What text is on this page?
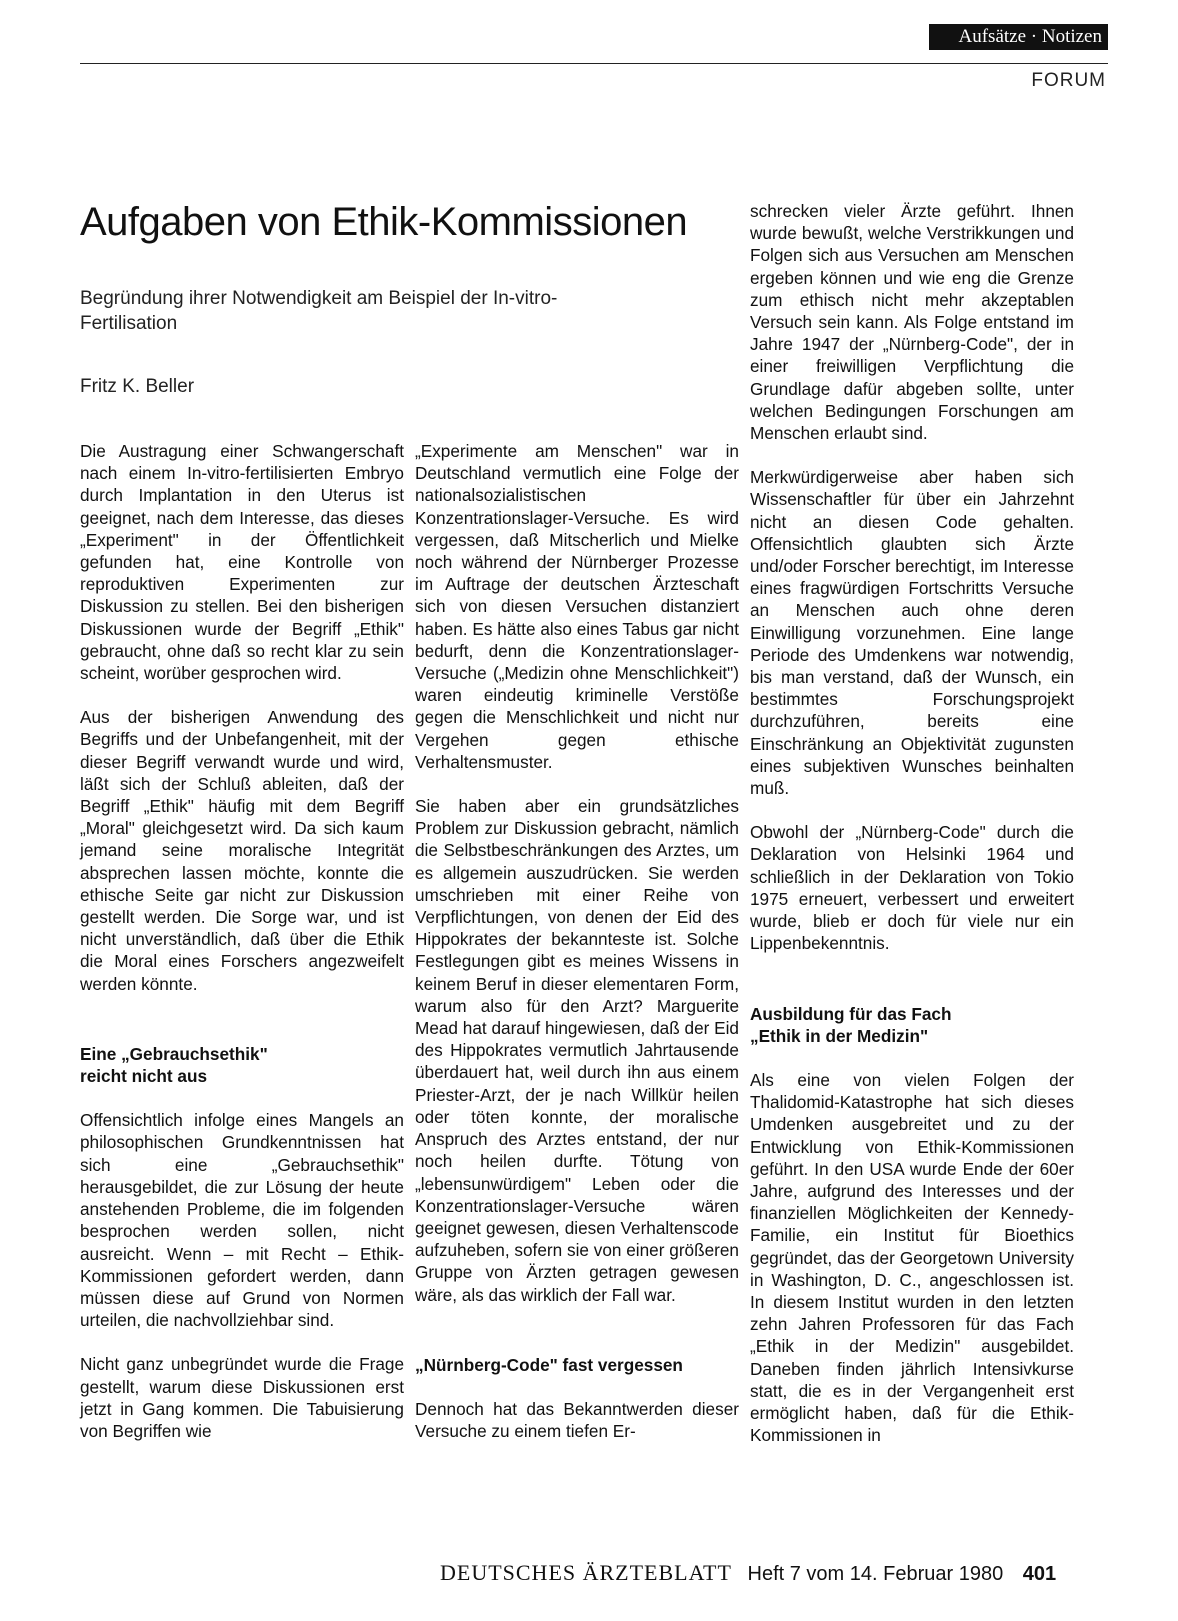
Aufsätze · Notizen
FORUM
Aufgaben von Ethik-Kommissionen
Begründung ihrer Notwendigkeit am Beispiel der In-vitro-Fertilisation
Fritz K. Beller

Die Austragung einer Schwangerschaft nach einem In-vitro-fertilisierten Embryo durch Implantation in den Uterus ist geeignet, nach dem Interesse, das dieses „Experiment" in der Öffentlichkeit gefunden hat, eine Kontrolle von reproduktiven Experimenten zur Diskussion zu stellen. Bei den bisherigen Diskussionen wurde der Begriff „Ethik" gebraucht, ohne daß so recht klar zu sein scheint, worüber gesprochen wird.

Aus der bisherigen Anwendung des Begriffs und der Unbefangenheit, mit der dieser Begriff verwandt wurde und wird, läßt sich der Schluß ableiten, daß der Begriff „Ethik" häufig mit dem Begriff „Moral" gleichgesetzt wird. Da sich kaum jemand seine moralische Integrität absprechen lassen möchte, konnte die ethische Seite gar nicht zur Diskussion gestellt werden. Die Sorge war, und ist nicht unverständlich, daß über die Ethik die Moral eines Forschers angezweifelt werden könnte.

Eine „Gebrauchsethik" reicht nicht aus

Offensichtlich infolge eines Mangels an philosophischen Grundkenntnissen hat sich eine „Gebrauchsethik" herausgebildet, die zur Lösung der heute anstehenden Probleme, die im folgenden besprochen werden sollen, nicht ausreicht. Wenn – mit Recht – Ethik-Kommissionen gefordert werden, dann müssen diese auf Grund von Normen urteilen, die nachvollziehbar sind.

Nicht ganz unbegründet wurde die Frage gestellt, warum diese Diskussionen erst jetzt in Gang kommen. Die Tabuisierung von Begriffen wie

„Experimente am Menschen" war in Deutschland vermutlich eine Folge der nationalsozialistischen Konzentrationslager-Versuche. Es wird vergessen, daß Mitscherlich und Mielke noch während der Nürnberger Prozesse im Auftrage der deutschen Ärzteschaft sich von diesen Versuchen distanziert haben. Es hätte also eines Tabus gar nicht bedurft, denn die Konzentrationslager-Versuche („Medizin ohne Menschlichkeit") waren eindeutig kriminelle Verstöße gegen die Menschlichkeit und nicht nur Vergehen gegen ethische Verhaltensmuster.

Sie haben aber ein grundsätzliches Problem zur Diskussion gebracht, nämlich die Selbstbeschränkungen des Arztes, um es allgemein auszudrücken. Sie werden umschrieben mit einer Reihe von Verpflichtungen, von denen der Eid des Hippokrates der bekannteste ist. Solche Festlegungen gibt es meines Wissens in keinem Beruf in dieser elementaren Form, warum also für den Arzt? Marguerite Mead hat darauf hingewiesen, daß der Eid des Hippokrates vermutlich Jahrtausende überdauert hat, weil durch ihn aus einem Priester-Arzt, der je nach Willkür heilen oder töten konnte, der moralische Anspruch des Arztes entstand, der nur noch heilen durfte. Tötung von „lebensunwürdigem" Leben oder die Konzentrationslager-Versuche wären geeignet gewesen, diesen Verhaltenscode aufzuheben, sofern sie von einer größeren Gruppe von Ärzten getragen gewesen wäre, als das wirklich der Fall war.

„Nürnberg-Code" fast vergessen

Dennoch hat das Bekanntwerden dieser Versuche zu einem tiefen Er-

schrecken vieler Ärzte geführt. Ihnen wurde bewußt, welche Verstrikkungen und Folgen sich aus Versuchen am Menschen ergeben können und wie eng die Grenze zum ethisch nicht mehr akzeptablen Versuch sein kann. Als Folge entstand im Jahre 1947 der „Nürnberg-Code", der in einer freiwilligen Verpflichtung die Grundlage dafür abgeben sollte, unter welchen Bedingungen Forschungen am Menschen erlaubt sind.

Merkwürdigerweise aber haben sich Wissenschaftler für über ein Jahrzehnt nicht an diesen Code gehalten. Offensichtlich glaubten sich Ärzte und/oder Forscher berechtigt, im Interesse eines fragwürdigen Fortschritts Versuche an Menschen auch ohne deren Einwilligung vorzunehmen. Eine lange Periode des Umdenkens war notwendig, bis man verstand, daß der Wunsch, ein bestimmtes Forschungsprojekt durchzuführen, bereits eine Einschränkung an Objektivität zugunsten eines subjektiven Wunsches beinhalten muß.

Obwohl der „Nürnberg-Code" durch die Deklaration von Helsinki 1964 und schließlich in der Deklaration von Tokio 1975 erneuert, verbessert und erweitert wurde, blieb er doch für viele nur ein Lippenbekenntnis.

Ausbildung für das Fach „Ethik in der Medizin"

Als eine von vielen Folgen der Thalidomid-Katastrophe hat sich dieses Umdenken ausgebreitet und zu der Entwicklung von Ethik-Kommissionen geführt. In den USA wurde Ende der 60er Jahre, aufgrund des Interesses und der finanziellen Möglichkeiten der Kennedy-Familie, ein Institut für Bioethics gegründet, das der Georgetown University in Washington, D. C., angeschlossen ist. In diesem Institut wurden in den letzten zehn Jahren Professoren für das Fach „Ethik in der Medizin" ausgebildet. Daneben finden jährlich Intensivkurse statt, die es in der Vergangenheit erst ermöglicht haben, daß für die Ethik-Kommissionen in

DEUTSCHES ÄRZTEBLATT Heft 7 vom 14. Februar 1980 401
